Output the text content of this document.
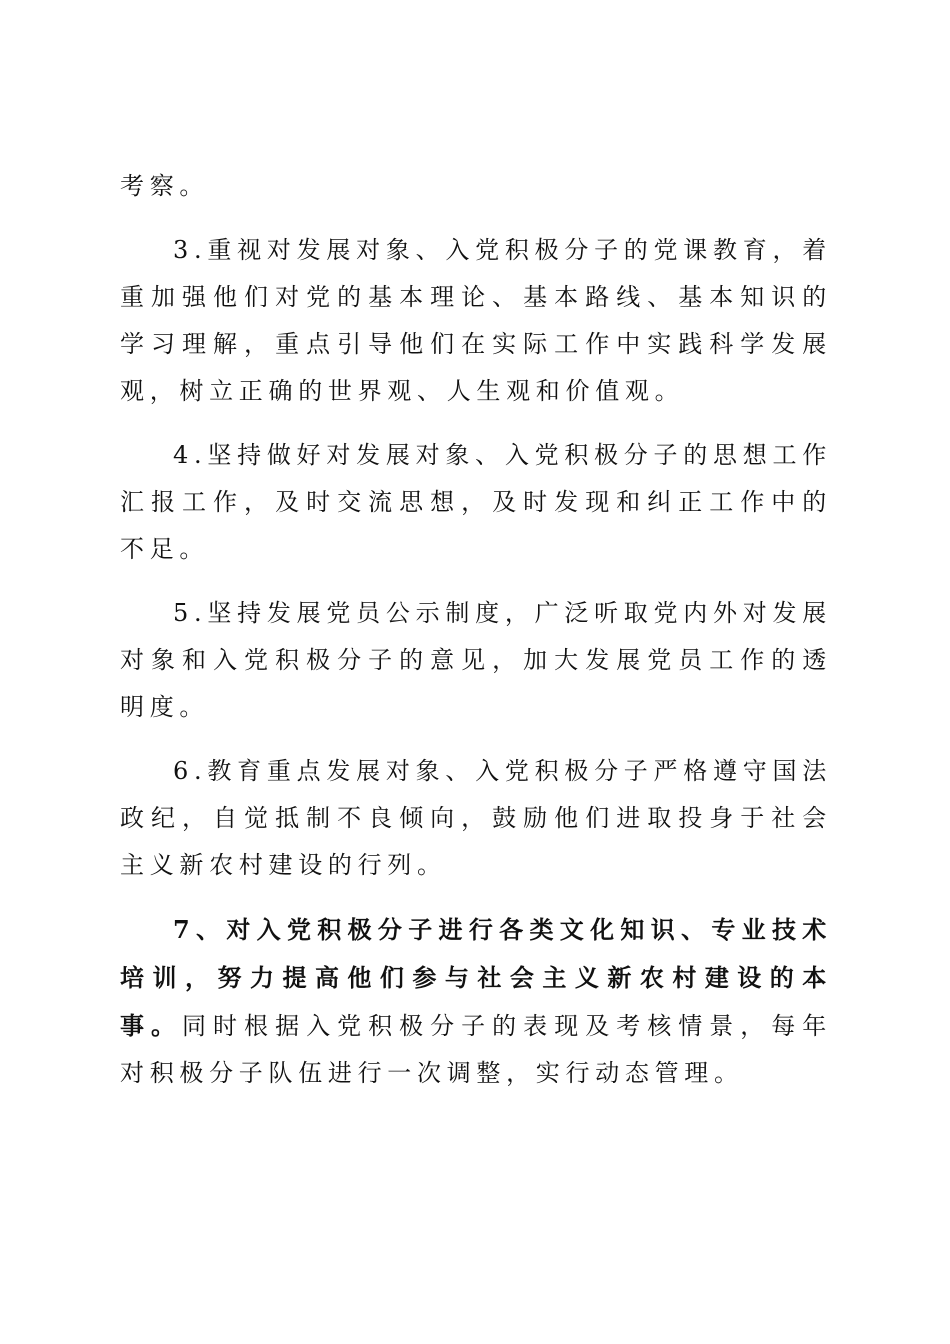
考察。

3.重视对发展对象、入党积极分子的党课教育，着重加强他们对党的基本理论、基本路线、基本知识的学习理解，重点引导他们在实际工作中实践科学发展观，树立正确的世界观、人生观和价值观。

4.坚持做好对发展对象、入党积极分子的思想工作汇报工作，及时交流思想，及时发现和纠正工作中的不足。

5.坚持发展党员公示制度，广泛听取党内外对发展对象和入党积极分子的意见，加大发展党员工作的透明度。

6.教育重点发展对象、入党积极分子严格遵守国法政纪，自觉抵制不良倾向，鼓励他们进取投身于社会主义新农村建设的行列。

7、对入党积极分子进行各类文化知识、专业技术培训，努力提高他们参与社会主义新农村建设的本事。同时根据入党积极分子的表现及考核情景，每年对积极分子队伍进行一次调整，实行动态管理。
